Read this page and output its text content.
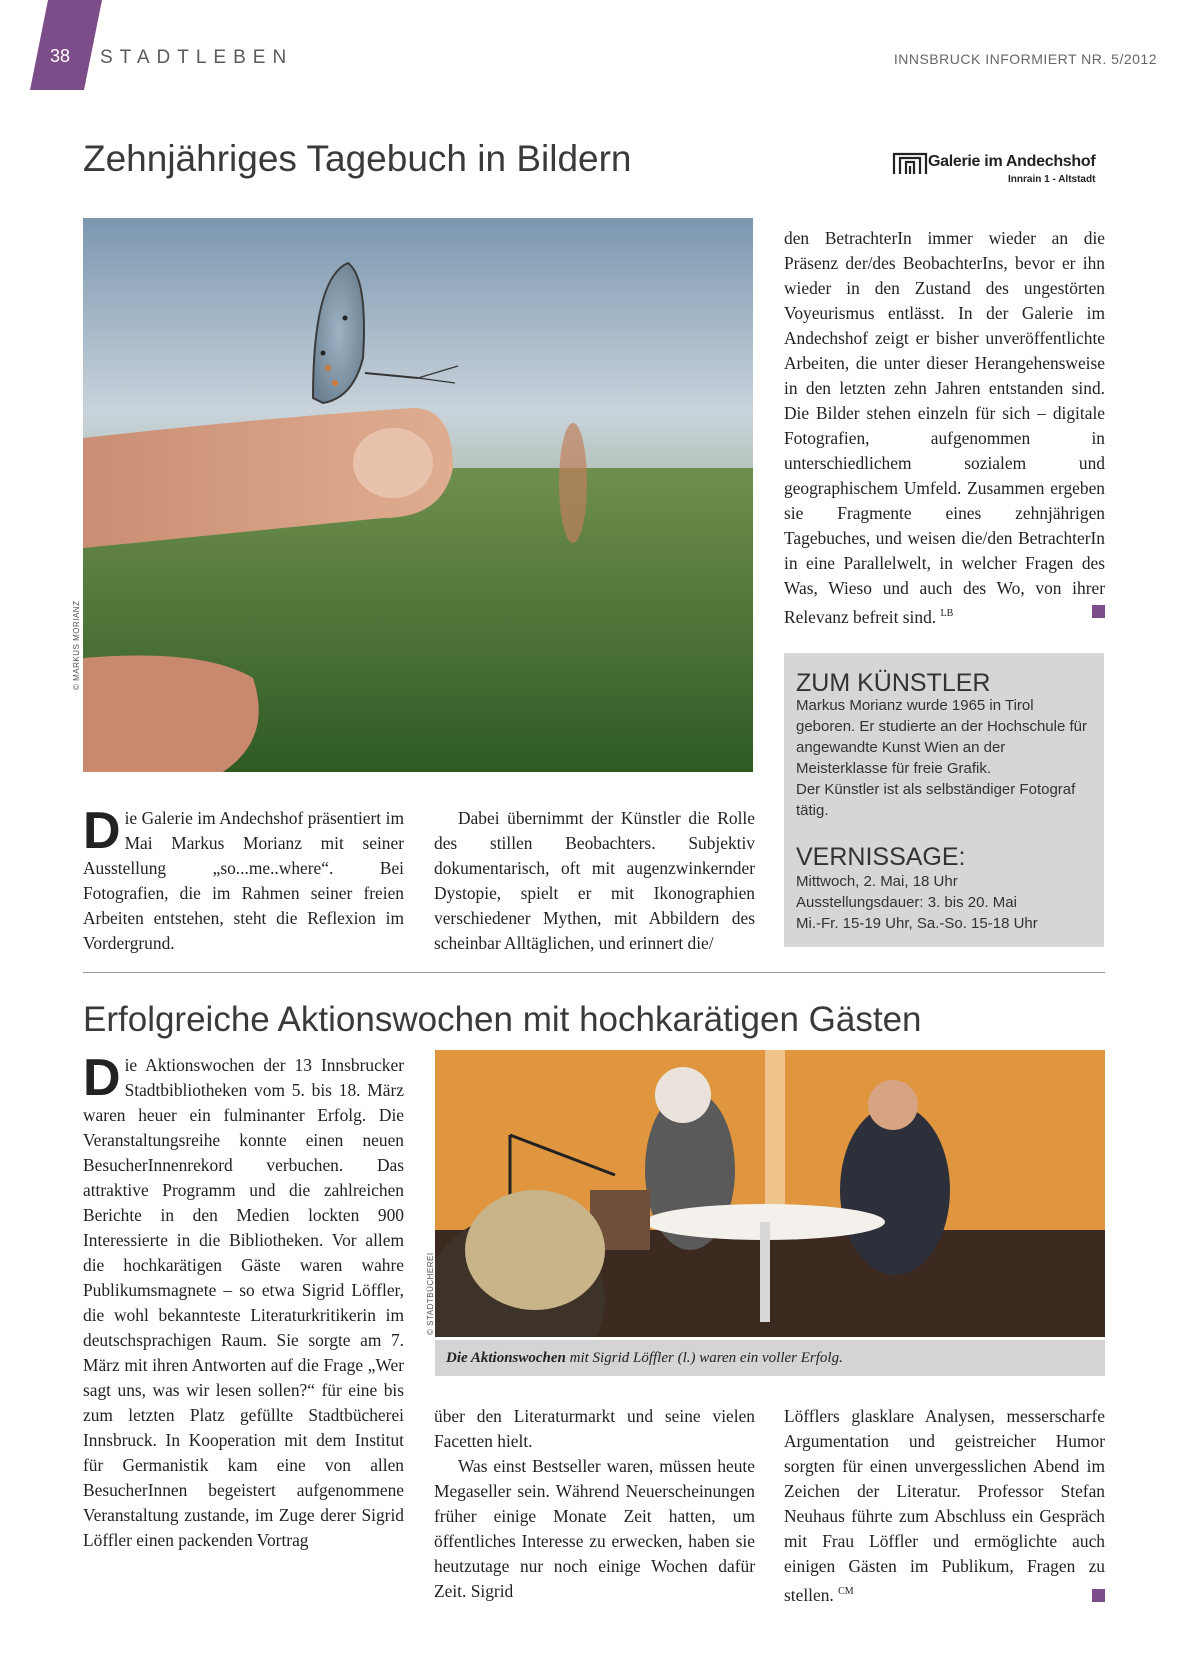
38	STADTLEBEN	INNSBRUCK INFORMIERT NR. 5/2012
Zehnjähriges Tagebuch in Bildern	Galerie im Andechshof
Innrain 1 - Altstadt
© MARKUS MORIANZ
Die Galerie im Andechshof präsentiert im Mai Markus Morianz mit seiner Ausstellung „so...me..where“. Bei Fotografien, die im Rahmen seiner freien Arbeiten entstehen, steht die Reflexion im Vordergrund.
Dabei übernimmt der Künstler die Rolle des stillen Beobachters. Subjektiv dokumentarisch, oft mit augenzwinkernder Dystopie, spielt er mit Ikonographien verschiedener Mythen, mit Abbildern des scheinbar Alltäglichen, und erinnert die/
den BetrachterIn immer wieder an die Präsenz der/des BeobachterIns, bevor er ihn wieder in den Zustand des ungestörten Voyeurismus entlässt. In der Galerie im Andechshof zeigt er bisher unveröffentlichte Arbeiten, die unter dieser Herangehensweise in den letzten zehn Jahren entstanden sind. Die Bilder stehen einzeln für sich – digitale Fotografien, aufgenommen in unterschiedlichem sozialem und geographischem Umfeld. Zusammen ergeben sie Fragmente eines zehnjährigen Tagebuches, und weisen die/den BetrachterIn in eine Parallelwelt, in welcher Fragen des Was, Wieso und auch des Wo, von ihrer Relevanz befreit sind. $^{LB}$
ZUM KÜNSTLER
Markus Morianz wurde 1965 in Tirol geboren. Er studierte an der Hochschule für angewandte Kunst Wien an der Meisterklasse für freie Grafik.
Der Künstler ist als selbständiger Fotograf tätig.
VERNISSAGE:
Mittwoch, 2. Mai, 18 Uhr
Ausstellungsdauer: 3. bis 20. Mai
Mi.-Fr. 15-19 Uhr, Sa.-So. 15-18 Uhr
Erfolgreiche Aktionswochen mit hochkarätigen Gästen
Die Aktionswochen der 13 Innsbrucker Stadtbibliotheken vom 5. bis 18. März waren heuer ein fulminanter Erfolg. Die Veranstaltungsreihe konnte einen neuen BesucherInnenrekord verbuchen. Das attraktive Programm und die zahlreichen Berichte in den Medien lockten 900 Interessierte in die Bibliotheken. Vor allem die hochkarätigen Gäste waren wahre Publikumsmagnete – so etwa Sigrid Löffler, die wohl bekannteste Literaturkritikerin im deutschsprachigen Raum. Sie sorgte am 7. März mit ihren Antworten auf die Frage „Wer sagt uns, was wir lesen sollen?“ für eine bis zum letzten Platz gefüllte Stadtbücherei Innsbruck. In Kooperation mit dem Institut für Germanistik kam eine von allen BesucherInnen begeistert aufgenommene Veranstaltung zustande, im Zuge derer Sigrid Löffler einen packenden Vortrag
© STADTBÜCHEREI
Die Aktionswochen mit Sigrid Löffler (l.) waren ein voller Erfolg.

über den Literaturmarkt und seine vielen Facetten hielt.

Was einst Bestseller waren, müssen heute Megaseller sein. Während Neuerscheinungen früher einige Monate Zeit hatten, um öffentliches Interesse zu erwecken, haben sie heutzutage nur noch einige Wochen dafür Zeit. Sigrid

Löfflers glasklare Analysen, messerscharfe Argumentation und geistreicher Humor sorgten für einen unvergesslichen Abend im Zeichen der Literatur. Professor Stefan Neuhaus führte zum Abschluss ein Gespräch mit Frau Löffler und ermöglichte auch einigen Gästen im Publikum, Fragen zu stellen. $^{CM}$
